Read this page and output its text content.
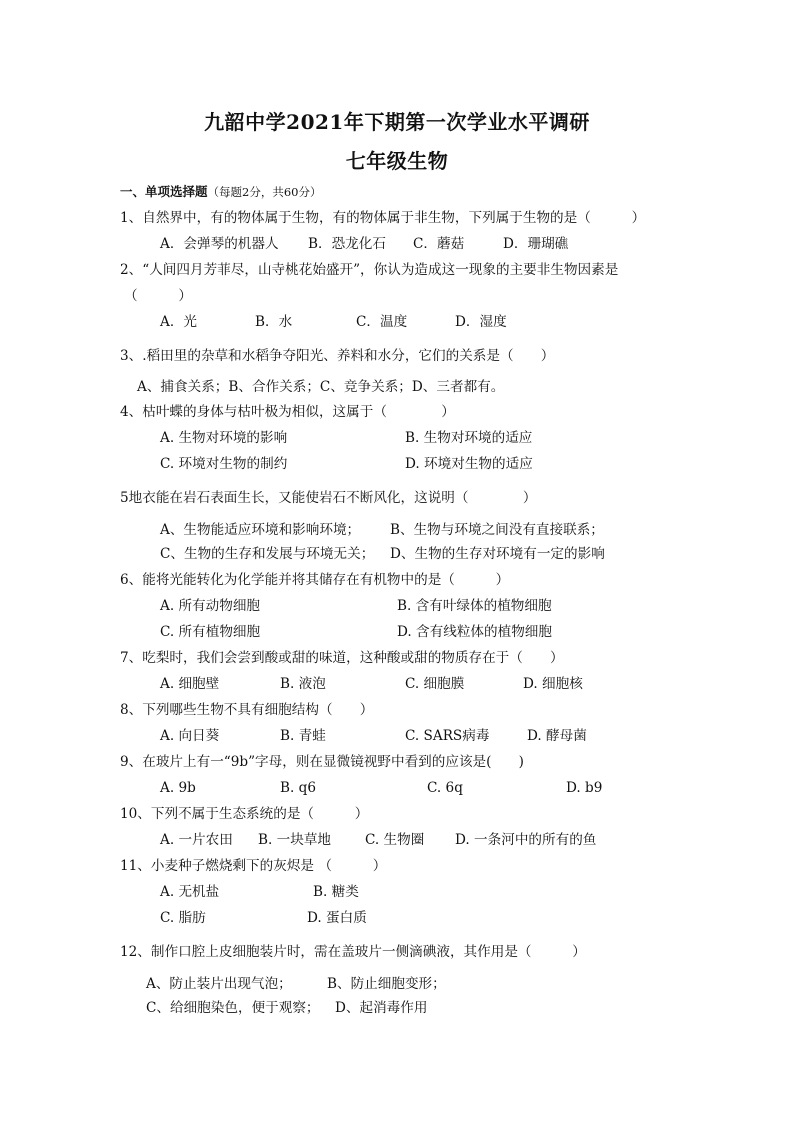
九韶中学2021年下期第一次学业水平调研
七年级生物
一、单项选择题（每题2分，共60分）
1、自然界中，有的物体属于生物，有的物体属于非生物，下列属于生物的是（　　　）
A．会弹琴的机器人 B．恐龙化石 C．蘑菇	D．珊瑚礁
2、“人间四月芳菲尽，山寺桃花始盛开”，你认为造成这一现象的主要非生物因素是
（　　　）
A．光	B．水	C．温度	D．湿度
3、.稻田里的杂草和水稻争夺阳光、养料和水分，它们的关系是（　　）
A、捕食关系；B、合作关系；C、竞争关系；D、三者都有。
4、枯叶蝶的身体与枯叶极为相似，这属于（　　　　）
A. 生物对环境的影响	B. 生物对环境的适应
C. 环境对生物的制约	D. 环境对生物的适应
5地衣能在岩石表面生长，又能使岩石不断风化，这说明（　　　　）
A、生物能适应环境和影响环境； B、生物与环境之间没有直接联系；
C、生物的生存和发展与环境无关； D、生物的生存对环境有一定的影响
6、能将光能转化为化学能并将其储存在有机物中的是（　　　）
A. 所有动物细胞	B. 含有叶绿体的植物细胞
C. 所有植物细胞	D. 含有线粒体的植物细胞
7、吃梨时，我们会尝到酸或甜的味道，这种酸或甜的物质存在于（　　）
A. 细胞壁	B. 液泡	C. 细胞膜	D. 细胞核
8、下列哪些生物不具有细胞结构（　　）
A. 向日葵	B. 青蛙	C. SARS病毒	D. 酵母菌
9、在玻片上有一“9b”字母，则在显微镜视野中看到的应该是(　　)
A. 9b	B. q6	C. 6q	D. b9
10、下列不属于生态系统的是（　　　）
A. 一片农田 B. 一块草地 C. 生物圈 D. 一条河中的所有的鱼
11、小麦种子燃烧剩下的灰烬是 （　　　）
A. 无机盐	B. 糖类
C. 脂肪	D. 蛋白质
12、制作口腔上皮细胞装片时，需在盖玻片一侧滴碘液，其作用是（　　　）
A、防止装片出现气泡；	B、防止细胞变形；
C、给细胞染色，便于观察； D、起消毒作用
